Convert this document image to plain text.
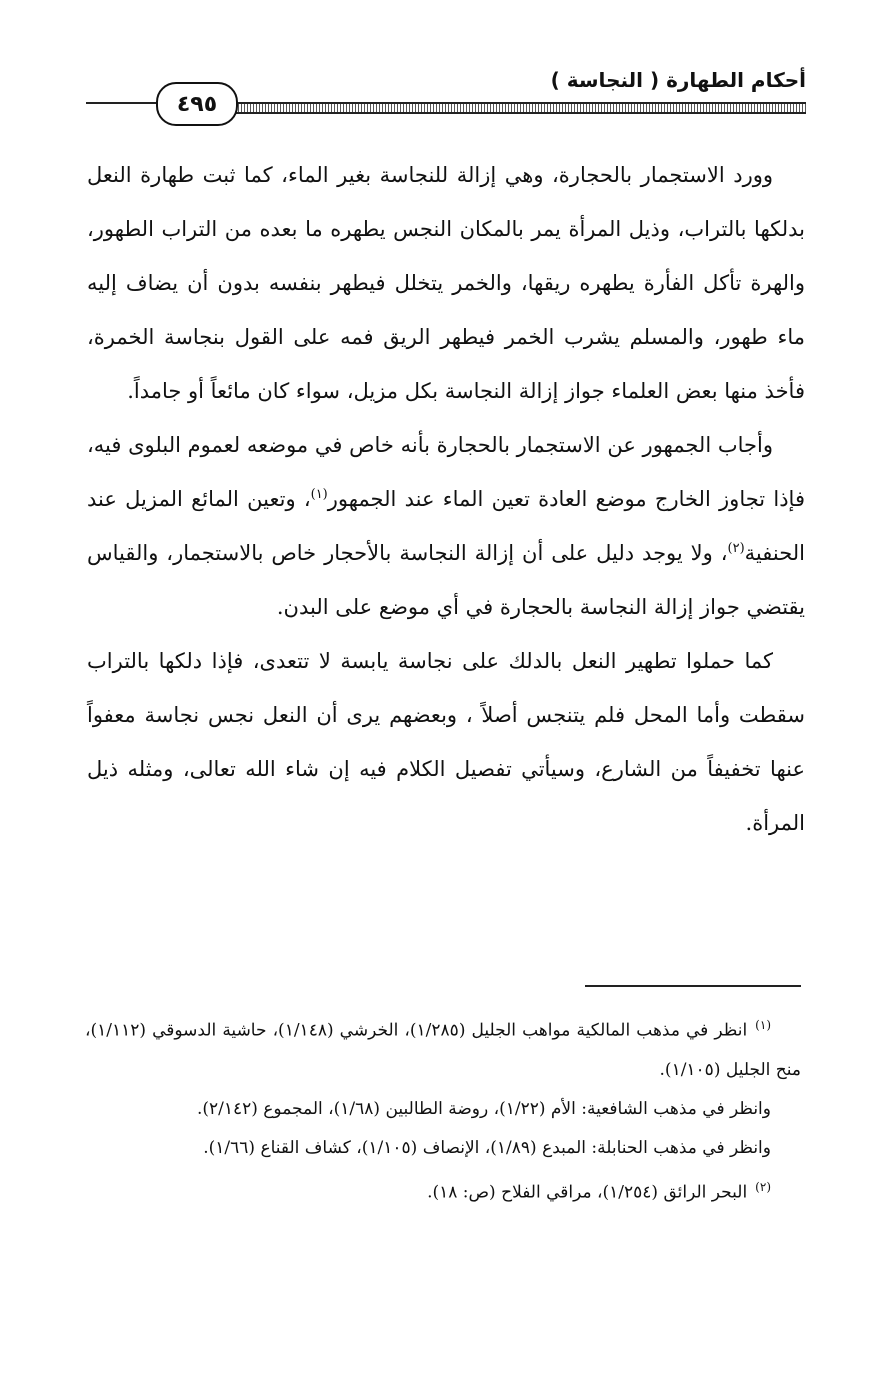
أحكام الطهارة ( النجاسة )
٤٩٥

وورد الاستجمار بالحجارة، وهي إزالة للنجاسة بغير الماء، كما ثبت طهارة النعل بدلكها بالتراب، وذيل المرأة يمر بالمكان النجس يطهره ما بعده من التراب الطهور، والهرة تأكل الفأرة يطهره ريقها، والخمر يتخلل فيطهر بنفسه بدون أن يضاف إليه ماء طهور، والمسلم يشرب الخمر فيطهر الريق فمه على القول بنجاسة الخمرة، فأخذ منها بعض العلماء جواز إزالة النجاسة بكل مزيل، سواء كان مائعاً أو جامداً.

وأجاب الجمهور عن الاستجمار بالحجارة بأنه خاص في موضعه لعموم البلوى فيه، فإذا تجاوز الخارج موضع العادة تعين الماء عند الجمهور$^{(١)}$، وتعين المائع المزيل عند الحنفية$^{(٢)}$، ولا يوجد دليل على أن إزالة النجاسة بالأحجار خاص بالاستجمار، والقياس يقتضي جواز إزالة النجاسة بالحجارة في أي موضع على البدن.

كما حملوا تطهير النعل بالدلك على نجاسة يابسة لا تتعدى، فإذا دلكها بالتراب سقطت وأما المحل فلم يتنجس أصلاً ، وبعضهم يرى أن النعل نجس نجاسة معفواً عنها تخفيفاً من الشارع، وسيأتي تفصيل الكلام فيه إن شاء الله تعالى، ومثله ذيل المرأة.

$^{(١)}$انظر في مذهب المالكية مواهب الجليل (١/٢٨٥)، الخرشي (١/١٤٨)، حاشية الدسوقي (١/١١٢)، منح الجليل (١/١٠٥).

وانظر في مذهب الشافعية: الأم (١/٢٢)، روضة الطالبين (١/٦٨)، المجموع (٢/١٤٢).

وانظر في مذهب الحنابلة: المبدع (١/٨٩)، الإنصاف (١/١٠٥)، كشاف القناع (١/٦٦).

$^{(٢)}$البحر الرائق (١/٢٥٤)، مراقي الفلاح (ص: ١٨).
